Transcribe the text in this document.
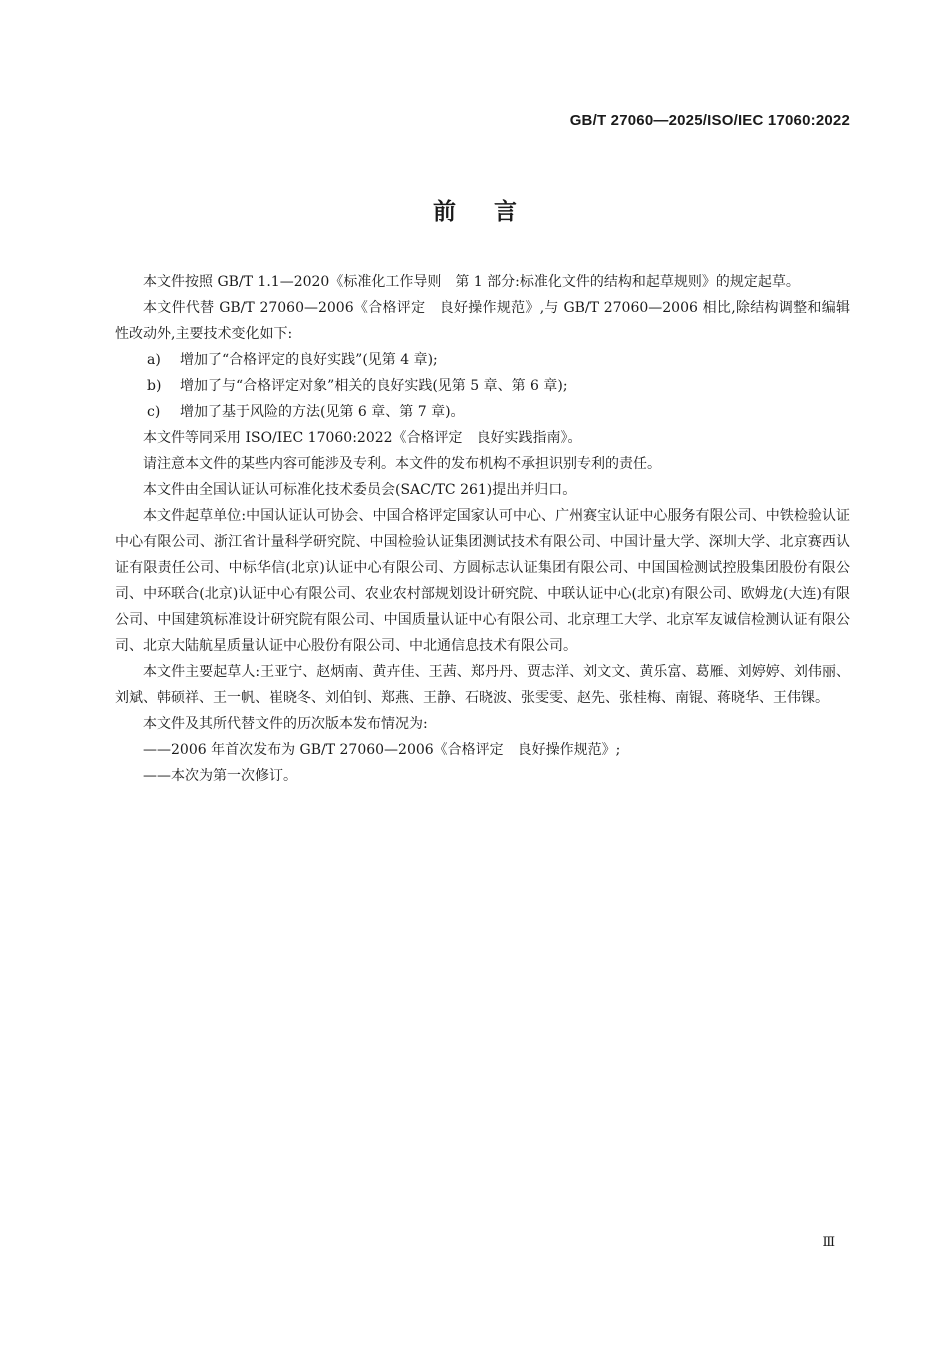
GB/T 27060—2025/ISO/IEC 17060:2022
前言

本文件按照 GB/T 1.1—2020《标准化工作导则　第 1 部分:标准化文件的结构和起草规则》的规定起草。

本文件代替 GB/T 27060—2006《合格评定　良好操作规范》,与 GB/T 27060—2006 相比,除结构调整和编辑性改动外,主要技术变化如下:

a) 增加了“合格评定的良好实践”(见第 4 章);

b) 增加了与“合格评定对象”相关的良好实践(见第 5 章、第 6 章);

c) 增加了基于风险的方法(见第 6 章、第 7 章)。

本文件等同采用 ISO/IEC 17060:2022《合格评定　良好实践指南》。

请注意本文件的某些内容可能涉及专利。本文件的发布机构不承担识别专利的责任。

本文件由全国认证认可标准化技术委员会(SAC/TC 261)提出并归口。

本文件起草单位:中国认证认可协会、中国合格评定国家认可中心、广州赛宝认证中心服务有限公司、中铁检验认证中心有限公司、浙江省计量科学研究院、中国检验认证集团测试技术有限公司、中国计量大学、深圳大学、北京赛西认证有限责任公司、中标华信(北京)认证中心有限公司、方圆标志认证集团有限公司、中国国检测试控股集团股份有限公司、中环联合(北京)认证中心有限公司、农业农村部规划设计研究院、中联认证中心(北京)有限公司、欧姆龙(大连)有限公司、中国建筑标准设计研究院有限公司、中国质量认证中心有限公司、北京理工大学、北京军友诚信检测认证有限公司、北京大陆航星质量认证中心股份有限公司、中北通信息技术有限公司。

本文件主要起草人:王亚宁、赵炳南、黄卉佳、王茜、郑丹丹、贾志洋、刘文文、黄乐富、葛雁、刘婷婷、刘伟丽、刘斌、韩硕祥、王一帆、崔晓冬、刘伯钊、郑燕、王静、石晓波、张雯雯、赵先、张桂梅、南锟、蒋晓华、王伟锞。

本文件及其所代替文件的历次版本发布情况为:

——2006 年首次发布为 GB/T 27060—2006《合格评定　良好操作规范》;

——本次为第一次修订。

Ⅲ
